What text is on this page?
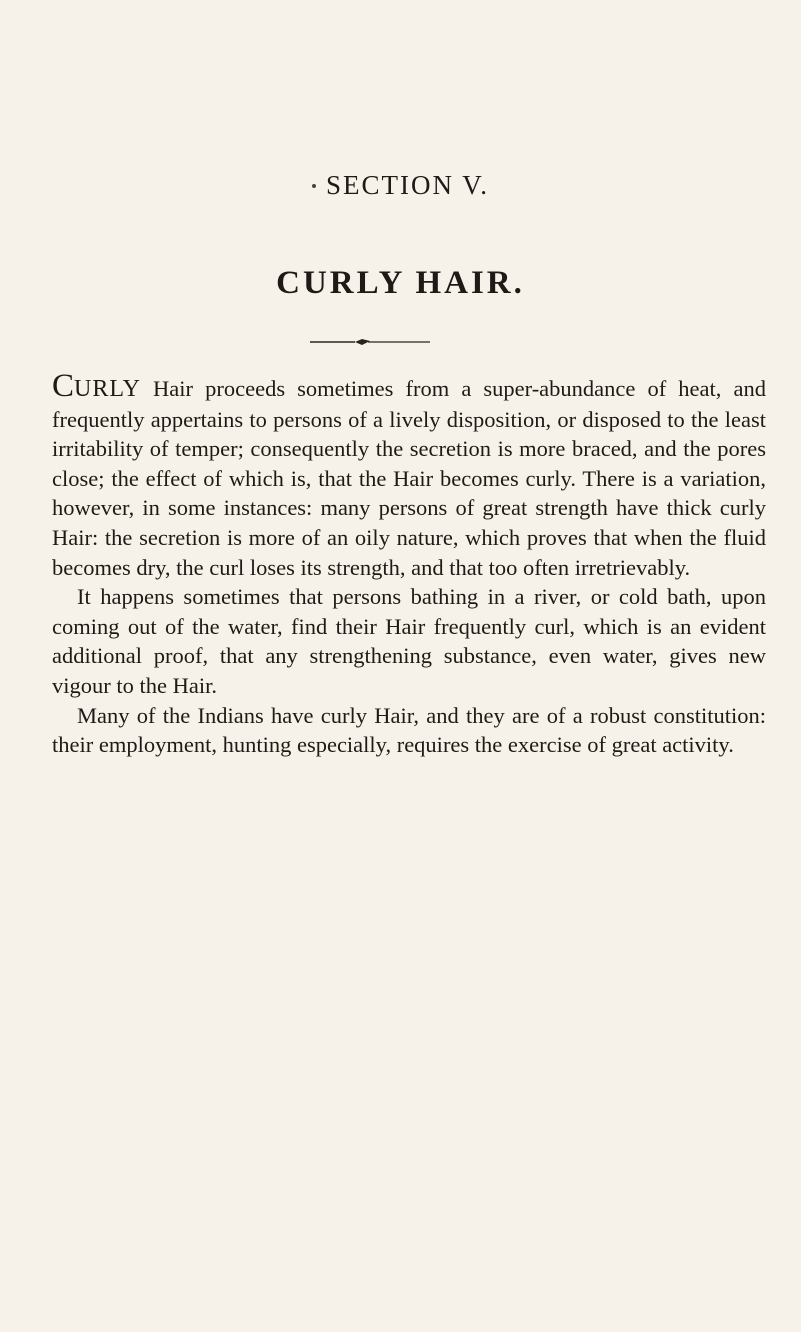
SECTION V.
CURLY HAIR.

CURLY Hair proceeds sometimes from a super-abundance of heat, and frequently appertains to persons of a lively disposition, or disposed to the least irritability of temper; consequently the secretion is more braced, and the pores close; the effect of which is, that the Hair becomes curly. There is a variation, however, in some instances: many persons of great strength have thick curly Hair: the secretion is more of an oily nature, which proves that when the fluid becomes dry, the curl loses its strength, and that too often irretrievably.

It happens sometimes that persons bathing in a river, or cold bath, upon coming out of the water, find their Hair frequently curl, which is an evident additional proof, that any strengthening substance, even water, gives new vigour to the Hair.

Many of the Indians have curly Hair, and they are of a robust constitution: their employment, hunting especially, requires the exercise of great activity.
